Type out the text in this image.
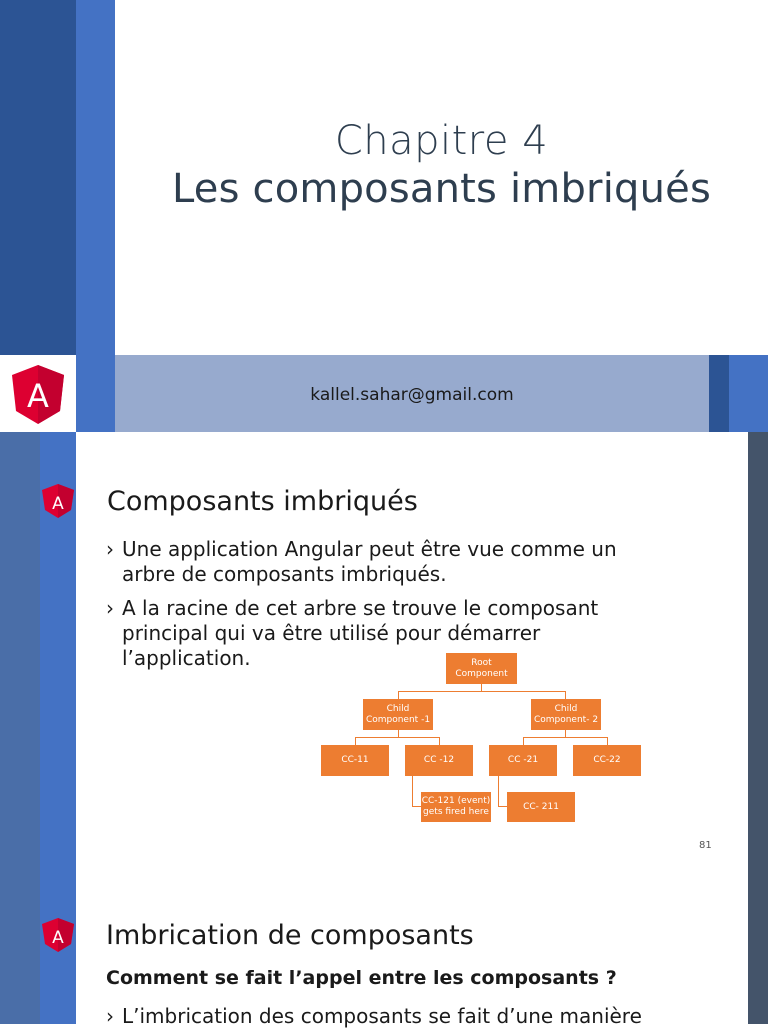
Chapitre 4
Les composants imbriqués
A	kallel.sahar@gmail.com
A Composants imbriqués
› Une application Angular peut être vue comme un arbre de composants imbriqués.
› A la racine de cet arbre se trouve le composant principal qui va être utilisé pour démarrer l’application.	Root Component
Child Component -1
Child Component- 2
CC-11	CC -12	CC -21	CC-22
CC-121 (event) gets fired here
CC- 211
81
A Imbrication de composants
Comment se fait l’appel entre les composants ?
› L’imbrication des composants se fait d’une manière
